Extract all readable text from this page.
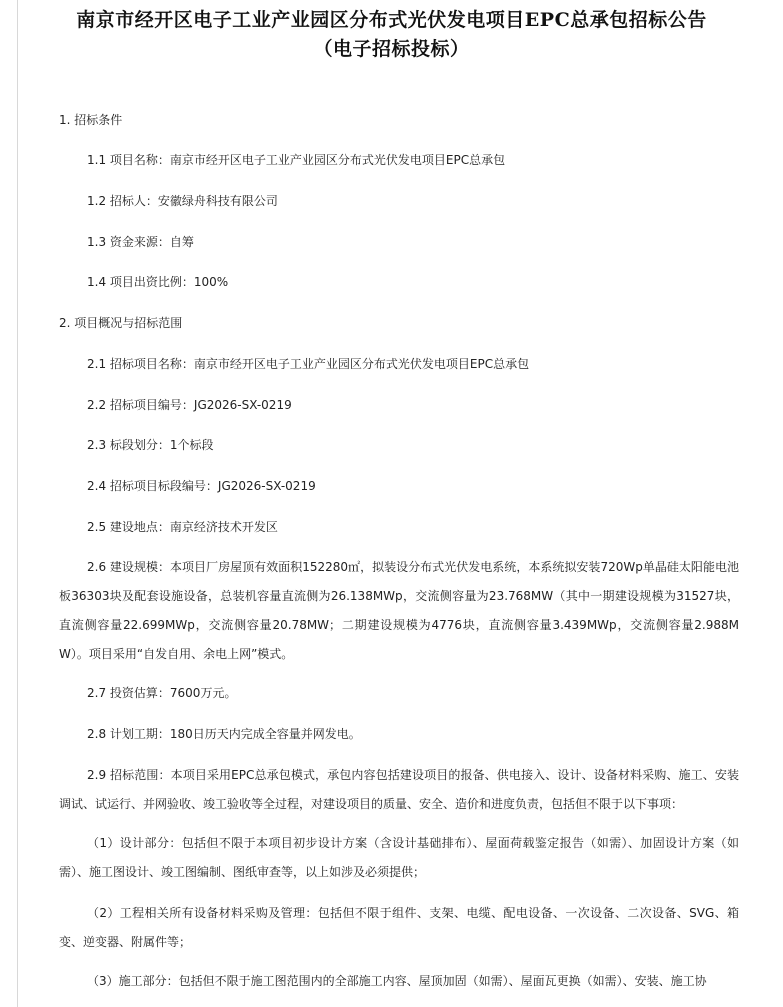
南京市经开区电子工业产业园区分布式光伏发电项目EPC总承包招标公告
（电子招标投标）
1. 招标条件
1.1 项目名称：南京市经开区电子工业产业园区分布式光伏发电项目EPC总承包
1.2 招标人：安徽绿舟科技有限公司
1.3 资金来源：自筹
1.4 项目出资比例：100%
2. 项目概况与招标范围
2.1 招标项目名称：南京市经开区电子工业产业园区分布式光伏发电项目EPC总承包
2.2 招标项目编号：JG2026-SX-0219
2.3 标段划分：1个标段
2.4 招标项目标段编号：JG2026-SX-0219
2.5 建设地点：南京经济技术开发区
2.6 建设规模：本项目厂房屋顶有效面积152280㎡，拟装设分布式光伏发电系统，本系统拟安装720Wp单晶硅太阳能电池板36303块及配套设施设备，总装机容量直流侧为26.138MWp，交流侧容量为23.768MW（其中一期建设规模为31527块，直流侧容量22.699MWp，交流侧容量20.78MW；二期建设规模为4776块，直流侧容量3.439MWp，交流侧容量2.988MW）。项目采用“自发自用、余电上网”模式。
2.7 投资估算：7600万元。
2.8 计划工期：180日历天内完成全容量并网发电。
2.9 招标范围：本项目采用EPC总承包模式，承包内容包括建设项目的报备、供电接入、设计、设备材料采购、施工、安装调试、试运行、并网验收、竣工验收等全过程，对建设项目的质量、安全、造价和进度负责，包括但不限于以下事项：
（1）设计部分：包括但不限于本项目初步设计方案（含设计基础排布）、屋面荷载鉴定报告（如需）、加固设计方案（如需）、施工图设计、竣工图编制、图纸审查等，以上如涉及必须提供；
（2）工程相关所有设备材料采购及管理：包括但不限于组件、支架、电缆、配电设备、一次设备、二次设备、SVG、箱变、逆变器、附属件等；
（3）施工部分：包括但不限于施工图范围内的全部施工内容、屋顶加固（如需）、屋面瓦更换（如需）、安装、施工协
